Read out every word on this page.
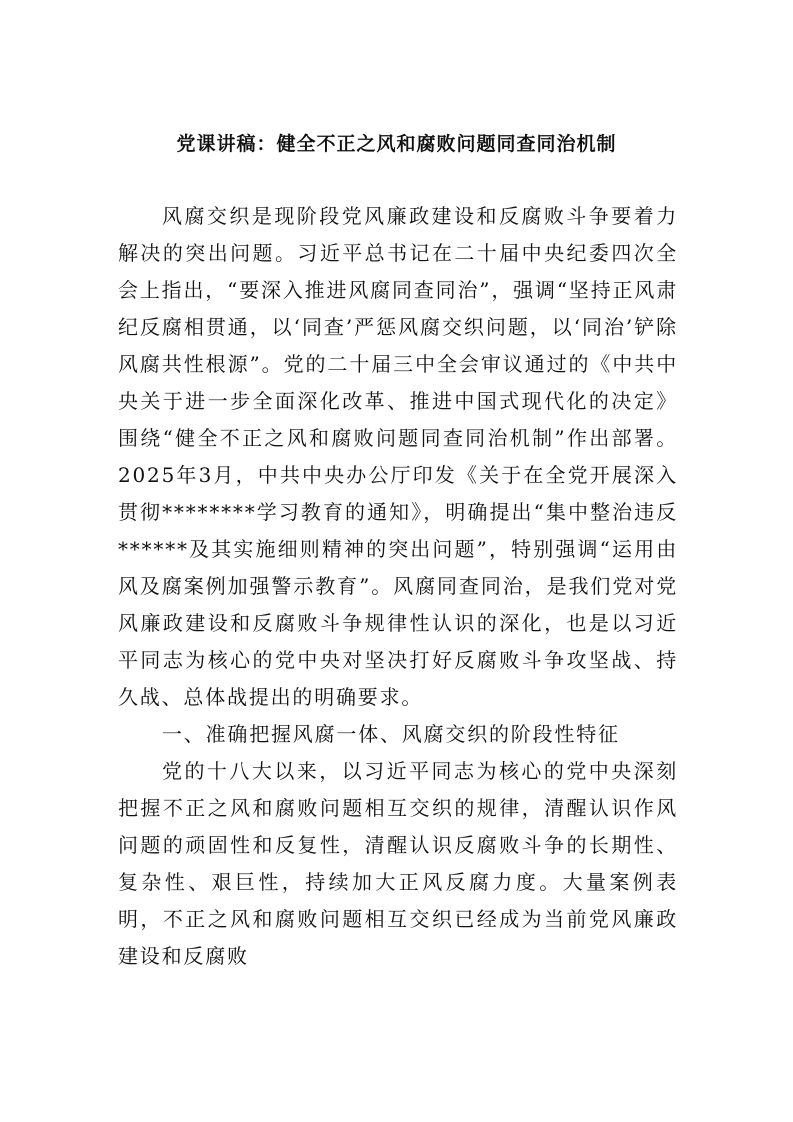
党课讲稿：健全不正之风和腐败问题同查同治机制

风腐交织是现阶段党风廉政建设和反腐败斗争要着力解决的突出问题。习近平总书记在二十届中央纪委四次全会上指出，“要深入推进风腐同查同治”，强调“坚持正风肃纪反腐相贯通，以‘同查’严惩风腐交织问题，以‘同治’铲除风腐共性根源”。党的二十届三中全会审议通过的《中共中央关于进一步全面深化改革、推进中国式现代化的决定》围绕“健全不正之风和腐败问题同查同治机制”作出部署。2025年3月，中共中央办公厅印发《关于在全党开展深入贯彻********学习教育的通知》，明确提出“集中整治违反******及其实施细则精神的突出问题”，特别强调“运用由风及腐案例加强警示教育”。风腐同查同治，是我们党对党风廉政建设和反腐败斗争规律性认识的深化，也是以习近平同志为核心的党中央对坚决打好反腐败斗争攻坚战、持久战、总体战提出的明确要求。

一、准确把握风腐一体、风腐交织的阶段性特征

党的十八大以来，以习近平同志为核心的党中央深刻把握不正之风和腐败问题相互交织的规律，清醒认识作风问题的顽固性和反复性，清醒认识反腐败斗争的长期性、复杂性、艰巨性，持续加大正风反腐力度。大量案例表明，不正之风和腐败问题相互交织已经成为当前党风廉政建设和反腐败
